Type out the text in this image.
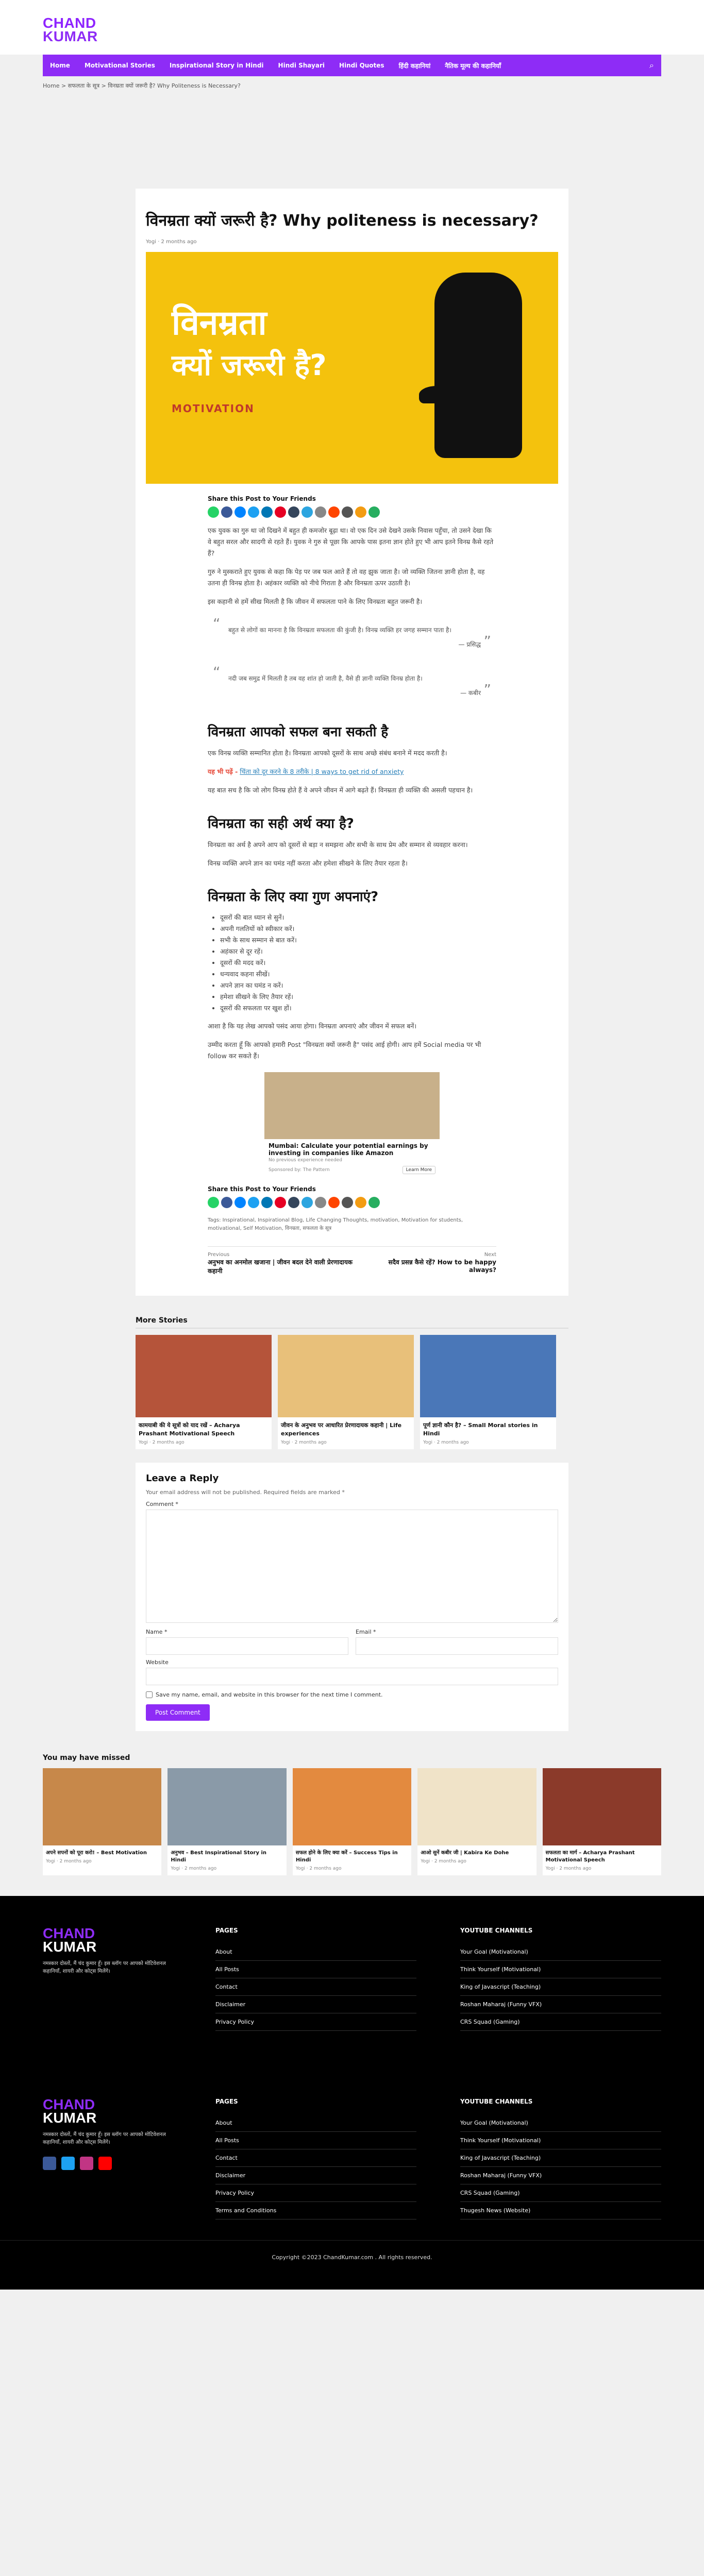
CHAND
KUMAR
Home Motivational Stories Inspirational Story in Hindi Hindi Shayari Hindi Quotes हिंदी कहानियां नैतिक मूल्य की कहानियाँ	⌕
Home > सफलता के सूत्र > विनम्रता क्यों जरूरी है? Why Politeness is Necessary?
विनम्रता क्यों जरूरी है? Why politeness is necessary?
Yogi · 2 months ago
विनम्रता
क्यों जरूरी है?
MOTIVATION
Share this Post to Your Friends

एक युवक का गुरु था जो दिखने में बहुत ही कमजोर बूढ़ा था। वो एक दिन उसे देखने उसके निवास पहुँचा, तो उसने देखा कि वे बहुत सरल और सादगी से रहते हैं। युवक ने गुरु से पूछा कि आपके पास इतना ज्ञान होते हुए भी आप इतने विनम्र कैसे रहते हैं?

गुरु ने मुस्कराते हुए युवक से कहा कि पेड़ पर जब फल आते हैं तो वह झुक जाता है। जो व्यक्ति जितना ज्ञानी होता है, वह उतना ही विनम्र होता है। अहंकार व्यक्ति को नीचे गिराता है और विनम्रता ऊपर उठाती है।

इस कहानी से हमें सीख मिलती है कि जीवन में सफलता पाने के लिए विनम्रता बहुत जरूरी है।

“ बहुत से लोगों का मानना है कि विनम्रता सफलता की कुंजी है। विनम्र व्यक्ति हर जगह सम्मान पाता है।
— प्रसिद्ध ”
“ नदी जब समुद्र में मिलती है तब वह शांत हो जाती है, वैसे ही ज्ञानी व्यक्ति विनम्र होता है।
— कबीर ”
विनम्रता आपको सफल बना सकती है

एक विनम्र व्यक्ति सम्मानित होता है। विनम्रता आपको दूसरों के साथ अच्छे संबंध बनाने में मदद करती है।

यह भी पढ़ें - चिंता को दूर करने के 8 तरीके | 8 ways to get rid of anxiety

यह बात सच है कि जो लोग विनम्र होते हैं वे अपने जीवन में आगे बढ़ते हैं। विनम्रता ही व्यक्ति की असली पहचान है।

विनम्रता का सही अर्थ क्या है?

विनम्रता का अर्थ है अपने आप को दूसरों से बड़ा न समझना और सभी के साथ प्रेम और सम्मान से व्यवहार करना।

विनम्र व्यक्ति अपने ज्ञान का घमंड नहीं करता और हमेशा सीखने के लिए तैयार रहता है।

विनम्रता के लिए क्या गुण अपनाएं?
• दूसरों की बात ध्यान से सुनें।
• अपनी गलतियों को स्वीकार करें।
• सभी के साथ सम्मान से बात करें।
• अहंकार से दूर रहें।
• दूसरों की मदद करें।
• धन्यवाद कहना सीखें।
• अपने ज्ञान का घमंड न करें।
• हमेशा सीखने के लिए तैयार रहें।
• दूसरों की सफलता पर खुश हों।

आशा है कि यह लेख आपको पसंद आया होगा। विनम्रता अपनाएं और जीवन में सफल बनें।

उम्मीद करता हूँ कि आपको हमारी Post "विनम्रता क्यों जरूरी है" पसंद आई होगी। आप हमें Social media पर भी follow कर सकते हैं।

Mumbai: Calculate your potential earnings by investing in companies like Amazon
No previous experience needed
Sponsored by: The Pattern	Learn More
Share this Post to Your Friends
Tags: Inspirational, Inspirational Blog, Life Changing Thoughts, motivation, Motivation for students, motivational, Self Motivation, विनम्रता, सफलता के सूत्र
Previous
अनुभव का अनमोल खजाना | जीवन बदल देने वाली प्रेरणादायक कहानी
Next
सदैव प्रसन्न कैसे रहें? How to be happy always?
More Stories
कामयाबी की ये सूत्रों को याद रखें – Acharya Prashant Motivational Speech
Yogi · 2 months ago
जीवन के अनुभव पर आधारित प्रेरणादायक कहानी | Life experiences
Yogi · 2 months ago
पूर्ण ज्ञानी कौन है? – Small Moral stories in Hindi
Yogi · 2 months ago
Leave a Reply
Your email address will not be published. Required fields are marked *
Comment *
Name *	Email *
Website
Save my name, email, and website in this browser for the next time I comment.
Post Comment
You may have missed
अपने सपनों को पूरा करो! – Best Motivation
Yogi · 2 months ago
अनुभव – Best Inspirational Story in Hindi
Yogi · 2 months ago
सफल होने के लिए क्या करें – Success Tips in Hindi
Yogi · 2 months ago
आओ सुनें कबीर जी | Kabira Ke Dohe
Yogi · 2 months ago
सफलता का मार्ग – Acharya Prashant Motivational Speech
Yogi · 2 months ago
CHAND
KUMAR
नमस्कार दोस्तों, मैं चंद कुमार हूँ। इस ब्लॉग पर आपको मोटिवेशनल कहानियाँ, शायरी और कोट्स मिलेंगे।
PAGES
About
All Posts
Contact
Disclaimer
Privacy Policy
YOUTUBE CHANNELS
Your Goal (Motivational)
Think Yourself (Motivational)
King of Javascript (Teaching)
Roshan Maharaj (Funny VFX)
CRS Squad (Gaming)
CHAND
KUMAR
नमस्कार दोस्तों, मैं चंद कुमार हूँ। इस ब्लॉग पर आपको मोटिवेशनल कहानियाँ, शायरी और कोट्स मिलेंगे।
PAGES
About
All Posts
Contact
Disclaimer
Privacy Policy
Terms and Conditions
YOUTUBE CHANNELS
Your Goal (Motivational)
Think Yourself (Motivational)
King of Javascript (Teaching)
Roshan Maharaj (Funny VFX)
CRS Squad (Gaming)
Thugesh News (Website)
Copyright ©2023 ChandKumar.com . All rights reserved.
